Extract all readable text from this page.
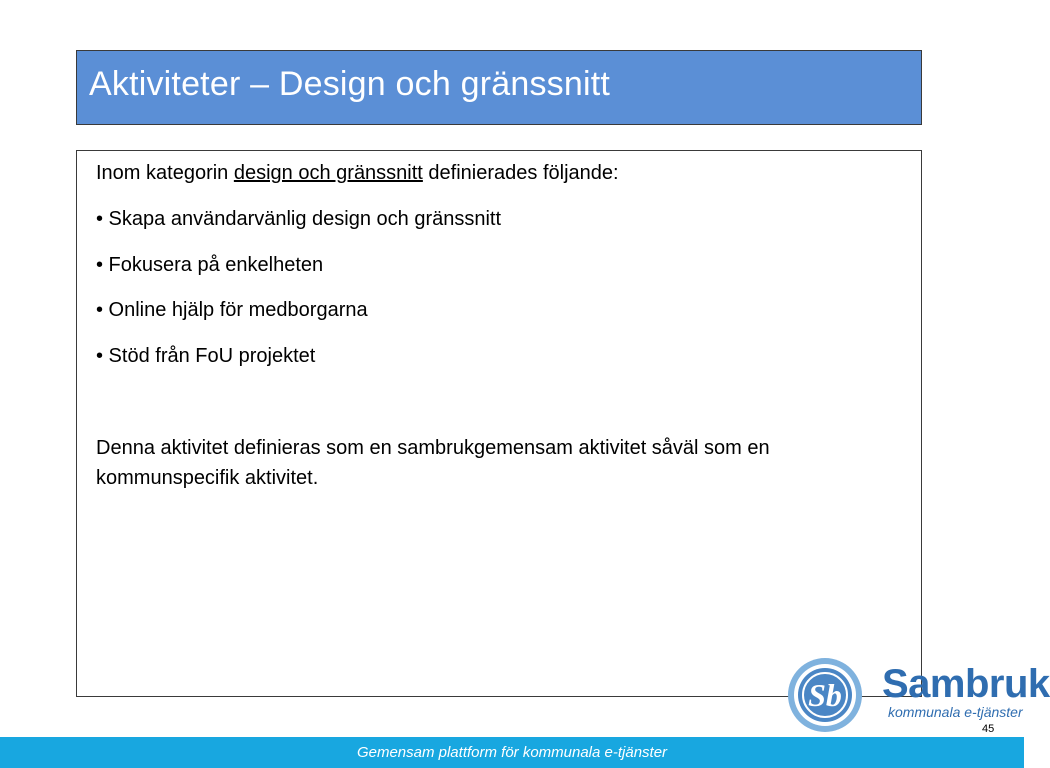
Aktiviteter – Design och gränssnitt

Inom kategorin design och gränssnitt definierades följande:

• Skapa användarvänlig design och gränssnitt

• Fokusera på enkelheten

• Online hjälp för medborgarna

• Stöd från FoU projektet

Denna aktivitet definieras som en sambrukgemensam aktivitet såväl som en kommunspecifik aktivitet.

Sb Sambruk
kommunala e-tjänster
45
Gemensam plattform för kommunala e-tjänster
